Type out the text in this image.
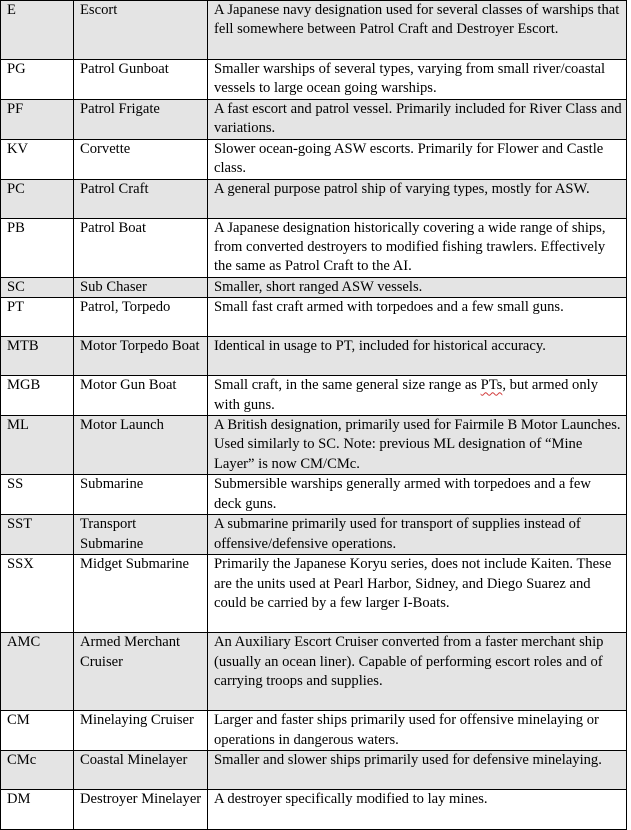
E	Escort	A Japanese navy designation used for several classes of warships that fell somewhere between Patrol Craft and Destroyer Escort.
PG	Patrol Gunboat	Smaller warships of several types, varying from small river/coastal vessels to large ocean going warships.
PF	Patrol Frigate	A fast escort and patrol vessel. Primarily included for River Class and variations.
KV	Corvette	Slower ocean-going ASW escorts. Primarily for Flower and Castle class.
PC	Patrol Craft	A general purpose patrol ship of varying types, mostly for ASW.
PB	Patrol Boat	A Japanese designation historically covering a wide range of ships, from converted destroyers to modified fishing trawlers. Effectively the same as Patrol Craft to the AI.
SC	Sub Chaser	Smaller, short ranged ASW vessels.
PT	Patrol, Torpedo	Small fast craft armed with torpedoes and a few small guns.
MTB	Motor Torpedo Boat	Identical in usage to PT, included for historical accuracy.
MGB	Motor Gun Boat	Small craft, in the same general size range as PTs, but armed only with guns.
ML	Motor Launch	A British designation, primarily used for Fairmile B Motor Launches. Used similarly to SC. Note: previous ML designation of “Mine Layer” is now CM/CMc.
SS	Submarine	Submersible warships generally armed with torpedoes and a few deck guns.
SST	Transport Submarine	A submarine primarily used for transport of supplies instead of offensive/defensive operations.
SSX	Midget Submarine	Primarily the Japanese Koryu series, does not include Kaiten. These are the units used at Pearl Harbor, Sidney, and Diego Suarez and could be carried by a few larger I-Boats.
AMC	Armed Merchant Cruiser	An Auxiliary Escort Cruiser converted from a faster merchant ship (usually an ocean liner). Capable of performing escort roles and of carrying troops and supplies.
CM	Minelaying Cruiser	Larger and faster ships primarily used for offensive minelaying or operations in dangerous waters.
CMc	Coastal Minelayer	Smaller and slower ships primarily used for defensive minelaying.
DM	Destroyer Minelayer	A destroyer specifically modified to lay mines.
